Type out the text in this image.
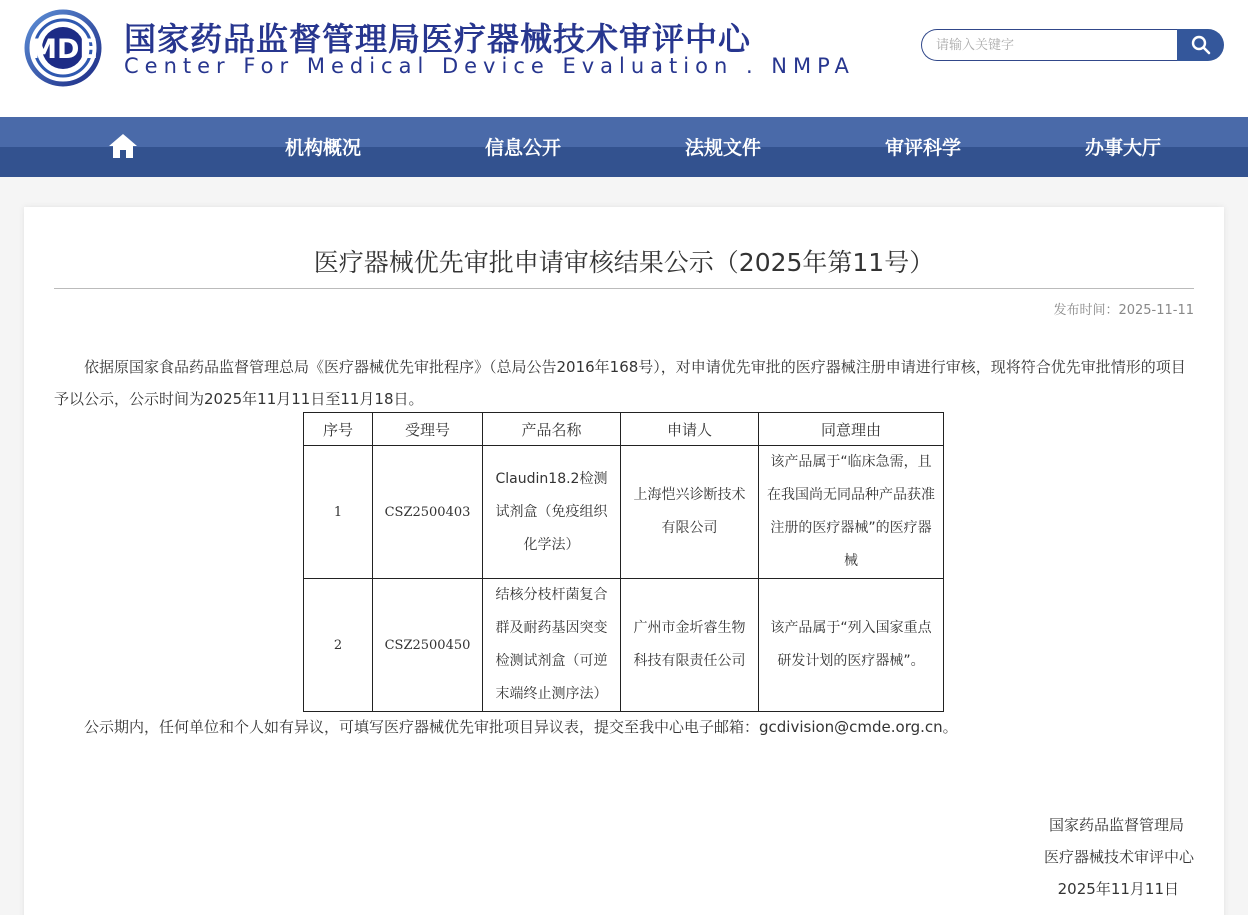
MDE 国家药品监督管理局医疗器械技术审评中心
Center For Medical Device Evaluation . NMPA
请输入关键字
机构概况	信息公开	法规文件	审评科学	办事大厅
医疗器械优先审批申请审核结果公示（2025年第11号）
发布时间：2025-11-11
依据原国家食品药品监督管理总局《医疗器械优先审批程序》（总局公告2016年168号），对申请优先审批的医疗器械注册申请进行审核，现将符合优先审批情形的项目予以公示，公示时间为2025年11月11日至11月18日。
序号	受理号	产品名称	申请人	同意理由
1	CSZ2500403	Claudin18.2检测试剂盒（免疫组织化学法）	上海恺兴诊断技术有限公司	该产品属于“临床急需，且在我国尚无同品种产品获准注册的医疗器械”的医疗器械
2	CSZ2500450	结核分枝杆菌复合群及耐药基因突变检测试剂盒（可逆末端终止测序法）	广州市金圻睿生物科技有限责任公司	该产品属于“列入国家重点研发计划的医疗器械”。
公示期内，任何单位和个人如有异议，可填写医疗器械优先审批项目异议表，提交至我中心电子邮箱：gcdivision@cmde.org.cn。
国家药品监督管理局
医疗器械技术审评中心
2025年11月11日
